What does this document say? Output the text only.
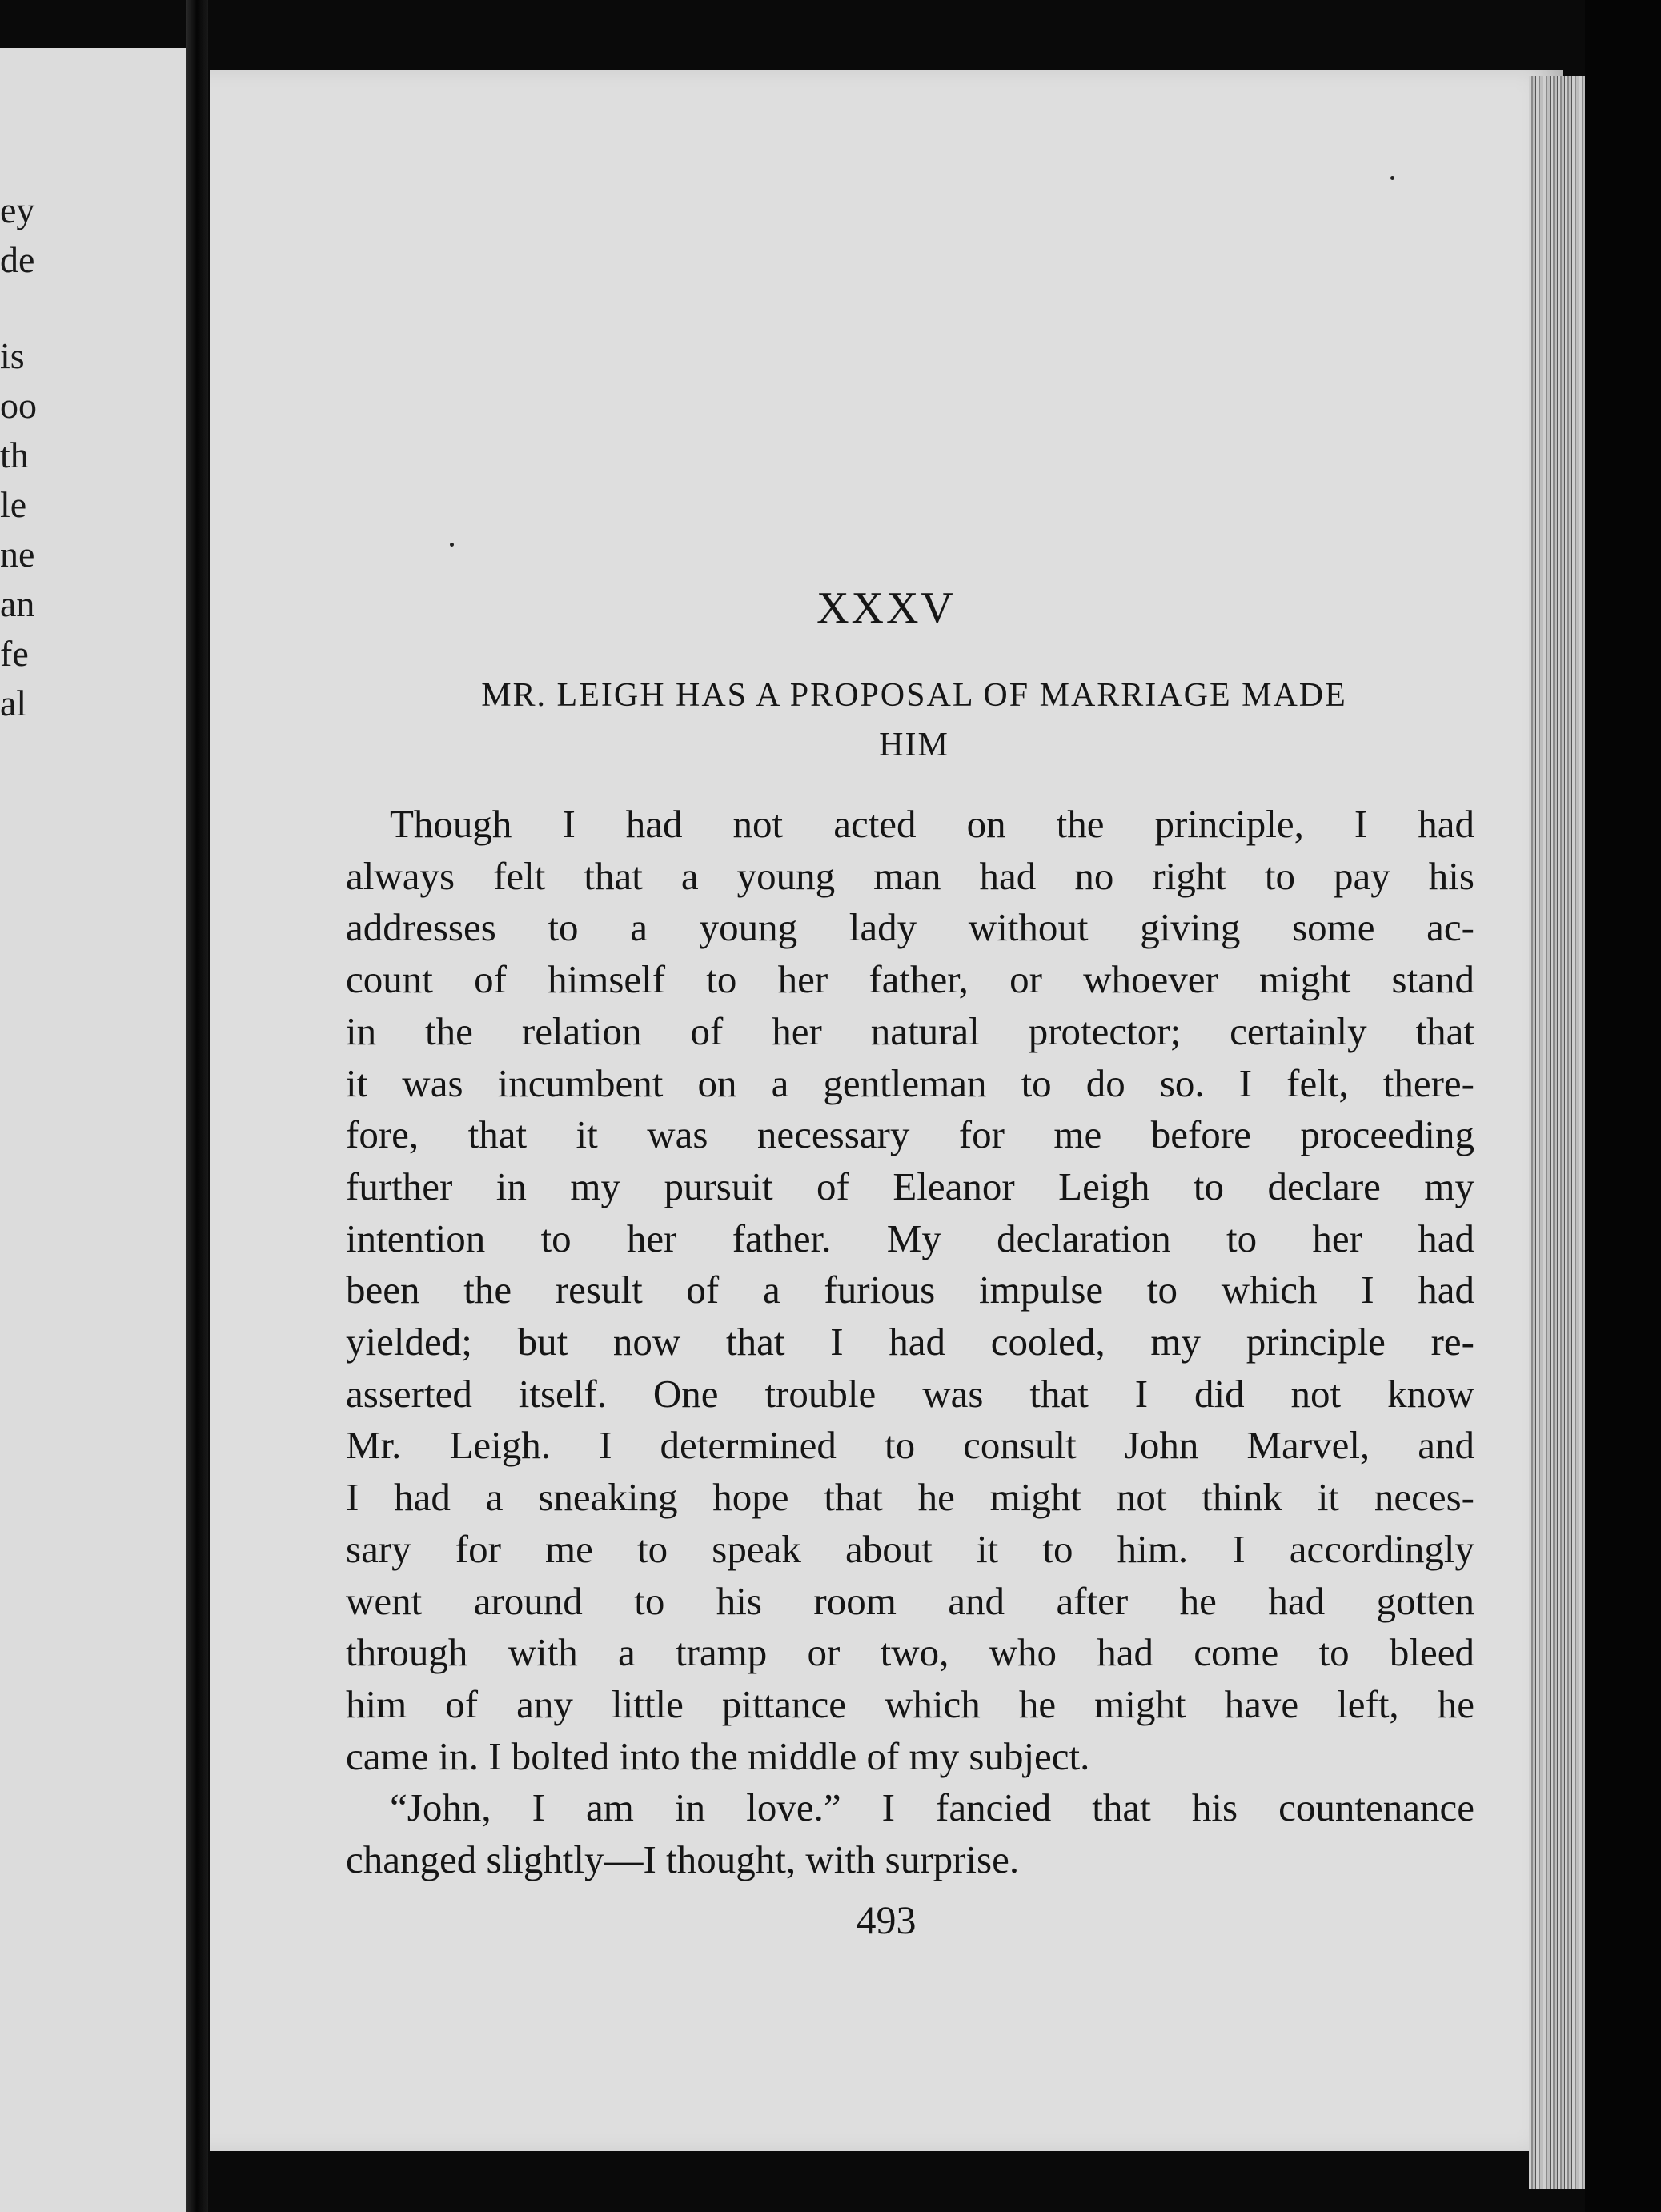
ey
de
is
oo
th
le
ne
an
fe
al
XXXV
MR. LEIGH HAS A PROPOSAL OF MARRIAGE MADE
HIM
Though I had not acted on the principle, I had
always felt that a young man had no right to pay his
addresses to a young lady without giving some ac-
count of himself to her father, or whoever might stand
in the relation of her natural protector; certainly that
it was incumbent on a gentleman to do so. I felt, there-
fore, that it was necessary for me before proceeding
further in my pursuit of Eleanor Leigh to declare my
intention to her father. My declaration to her had
been the result of a furious impulse to which I had
yielded; but now that I had cooled, my principle re-
asserted itself. One trouble was that I did not know
Mr. Leigh. I determined to consult John Marvel, and
I had a sneaking hope that he might not think it neces-
sary for me to speak about it to him. I accordingly
went around to his room and after he had gotten
through with a tramp or two, who had come to bleed
him of any little pittance which he might have left, he
came in. I bolted into the middle of my subject.
“John, I am in love.” I fancied that his countenance
changed slightly—I thought, with surprise.
493
